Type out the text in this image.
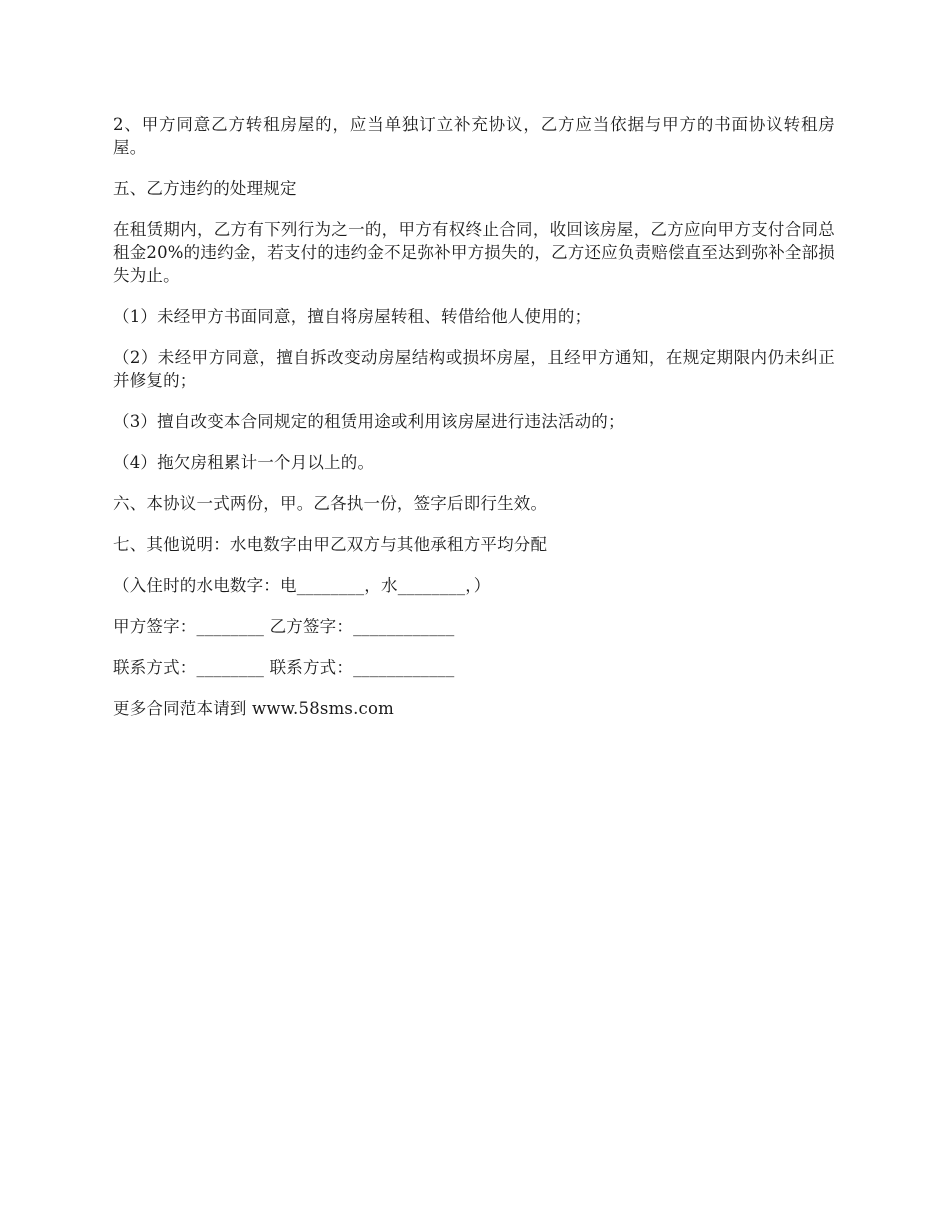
2、甲方同意乙方转租房屋的，应当单独订立补充协议，乙方应当依据与甲方的书面协议转租房屋。

五、乙方违约的处理规定

在租赁期内，乙方有下列行为之一的，甲方有权终止合同，收回该房屋，乙方应向甲方支付合同总租金20%的违约金，若支付的违约金不足弥补甲方损失的，乙方还应负责赔偿直至达到弥补全部损失为止。

（1）未经甲方书面同意，擅自将房屋转租、转借给他人使用的；

（2）未经甲方同意，擅自拆改变动房屋结构或损坏房屋，且经甲方通知，在规定期限内仍未纠正并修复的；

（3）擅自改变本合同规定的租赁用途或利用该房屋进行违法活动的；

（4）拖欠房租累计一个月以上的。

六、本协议一式两份，甲。乙各执一份，签字后即行生效。

七、其他说明：水电数字由甲乙双方与其他承租方平均分配

（入住时的水电数字：电________，水________，）

甲方签字：________ 乙方签字：____________

联系方式：________ 联系方式：____________

更多合同范本请到 www.58sms.com
